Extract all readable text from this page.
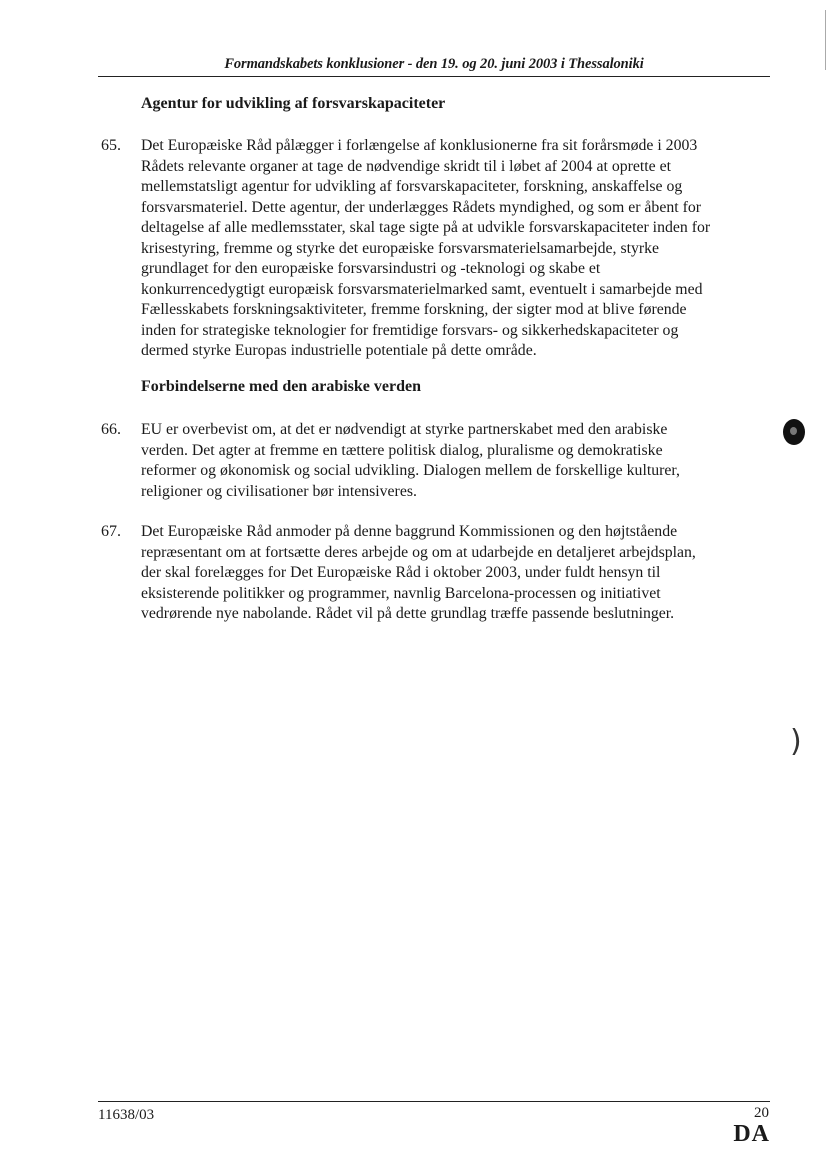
Formandskabets konklusioner - den 19. og 20. juni 2003 i Thessaloniki
Agentur for udvikling af forsvarskapaciteter
65. Det Europæiske Råd pålægger i forlængelse af konklusionerne fra sit forårsmøde i 2003
Rådets relevante organer at tage de nødvendige skridt til i løbet af 2004 at oprette et
mellemstatsligt agentur for udvikling af forsvarskapaciteter, forskning, anskaffelse og
forsvarsmateriel. Dette agentur, der underlægges Rådets myndighed, og som er åbent for
deltagelse af alle medlemsstater, skal tage sigte på at udvikle forsvarskapaciteter inden for
krisestyring, fremme og styrke det europæiske forsvarsmaterielsamarbejde, styrke
grundlaget for den europæiske forsvarsindustri og -teknologi og skabe et
konkurrencedygtigt europæisk forsvarsmaterielmarked samt, eventuelt i samarbejde med
Fællesskabets forskningsaktiviteter, fremme forskning, der sigter mod at blive førende
inden for strategiske teknologier for fremtidige forsvars- og sikkerhedskapaciteter og
dermed styrke Europas industrielle potentiale på dette område.
Forbindelserne med den arabiske verden
66. EU er overbevist om, at det er nødvendigt at styrke partnerskabet med den arabiske
verden. Det agter at fremme en tættere politisk dialog, pluralisme og demokratiske
reformer og økonomisk og social udvikling. Dialogen mellem de forskellige kulturer,
religioner og civilisationer bør intensiveres.
67. Det Europæiske Råd anmoder på denne baggrund Kommissionen og den højtstående
repræsentant om at fortsætte deres arbejde og om at udarbejde en detaljeret arbejdsplan,
der skal forelægges for Det Europæiske Råd i oktober 2003, under fuldt hensyn til
eksisterende politikker og programmer, navnlig Barcelona-processen og initiativet
vedrørende nye nabolande. Rådet vil på dette grundlag træffe passende beslutninger.
)
11638/03	20
DA
